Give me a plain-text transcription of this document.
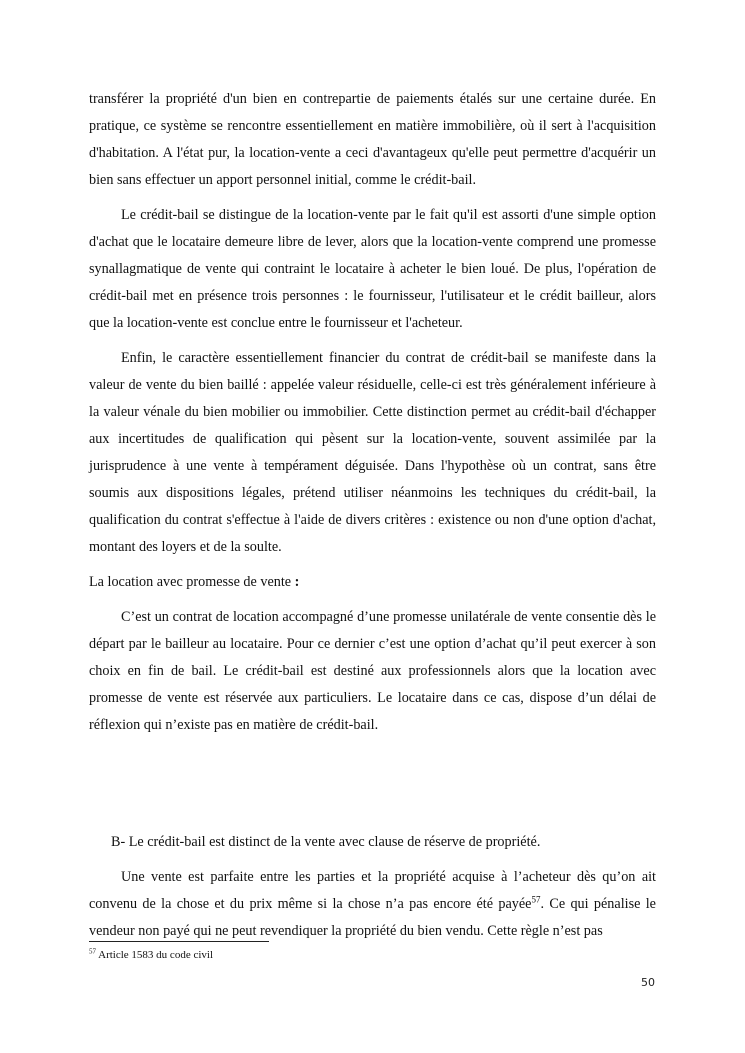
transférer la propriété d'un bien en contrepartie de paiements étalés sur une certaine durée. En pratique, ce système se rencontre essentiellement en matière immobilière, où il sert à l'acquisition d'habitation. A l'état pur, la location-vente a ceci d'avantageux qu'elle peut permettre d'acquérir un bien sans effectuer un apport personnel initial, comme le crédit-bail.

Le crédit-bail se distingue de la location-vente par le fait qu'il est assorti d'une simple option d'achat que le locataire demeure libre de lever, alors que la location-vente comprend une promesse synallagmatique de vente qui contraint le locataire à acheter le bien loué. De plus, l'opération de crédit-bail met en présence trois personnes : le fournisseur, l'utilisateur et le crédit bailleur, alors que la location-vente est conclue entre le fournisseur et l'acheteur.

Enfin, le caractère essentiellement financier du contrat de crédit-bail se manifeste dans la valeur de vente du bien baillé : appelée valeur résiduelle, celle-ci est très généralement inférieure à la valeur vénale du bien mobilier ou immobilier. Cette distinction permet au crédit-bail d'échapper aux incertitudes de qualification qui pèsent sur la location-vente, souvent assimilée par la jurisprudence à une vente à tempérament déguisée. Dans l'hypothèse où un contrat, sans être soumis aux dispositions légales, prétend utiliser néanmoins les techniques du crédit-bail, la qualification du contrat s'effectue à l'aide de divers critères : existence ou non d'une option d'achat, montant des loyers et de la soulte.

La location avec promesse de vente :

C’est un contrat de location accompagné d’une promesse unilatérale de vente consentie dès le départ par le bailleur au locataire. Pour ce dernier c’est une option d’achat qu’il peut exercer à son choix en fin de bail. Le crédit-bail est destiné aux professionnels alors que la location avec promesse de vente est réservée aux particuliers. Le locataire dans ce cas, dispose d’un délai de réflexion qui n’existe pas en matière de crédit-bail.

B- Le crédit-bail est distinct de la vente avec clause de réserve de propriété.

Une vente est parfaite entre les parties et la propriété acquise à l’acheteur dès qu’on ait convenu de la chose et du prix même si la chose n’a pas encore été payée$^{57}$. Ce qui pénalise le vendeur non payé qui ne peut revendiquer la propriété du bien vendu. Cette règle n’est pas

$^{57}$ Article 1583 du code civil
50
